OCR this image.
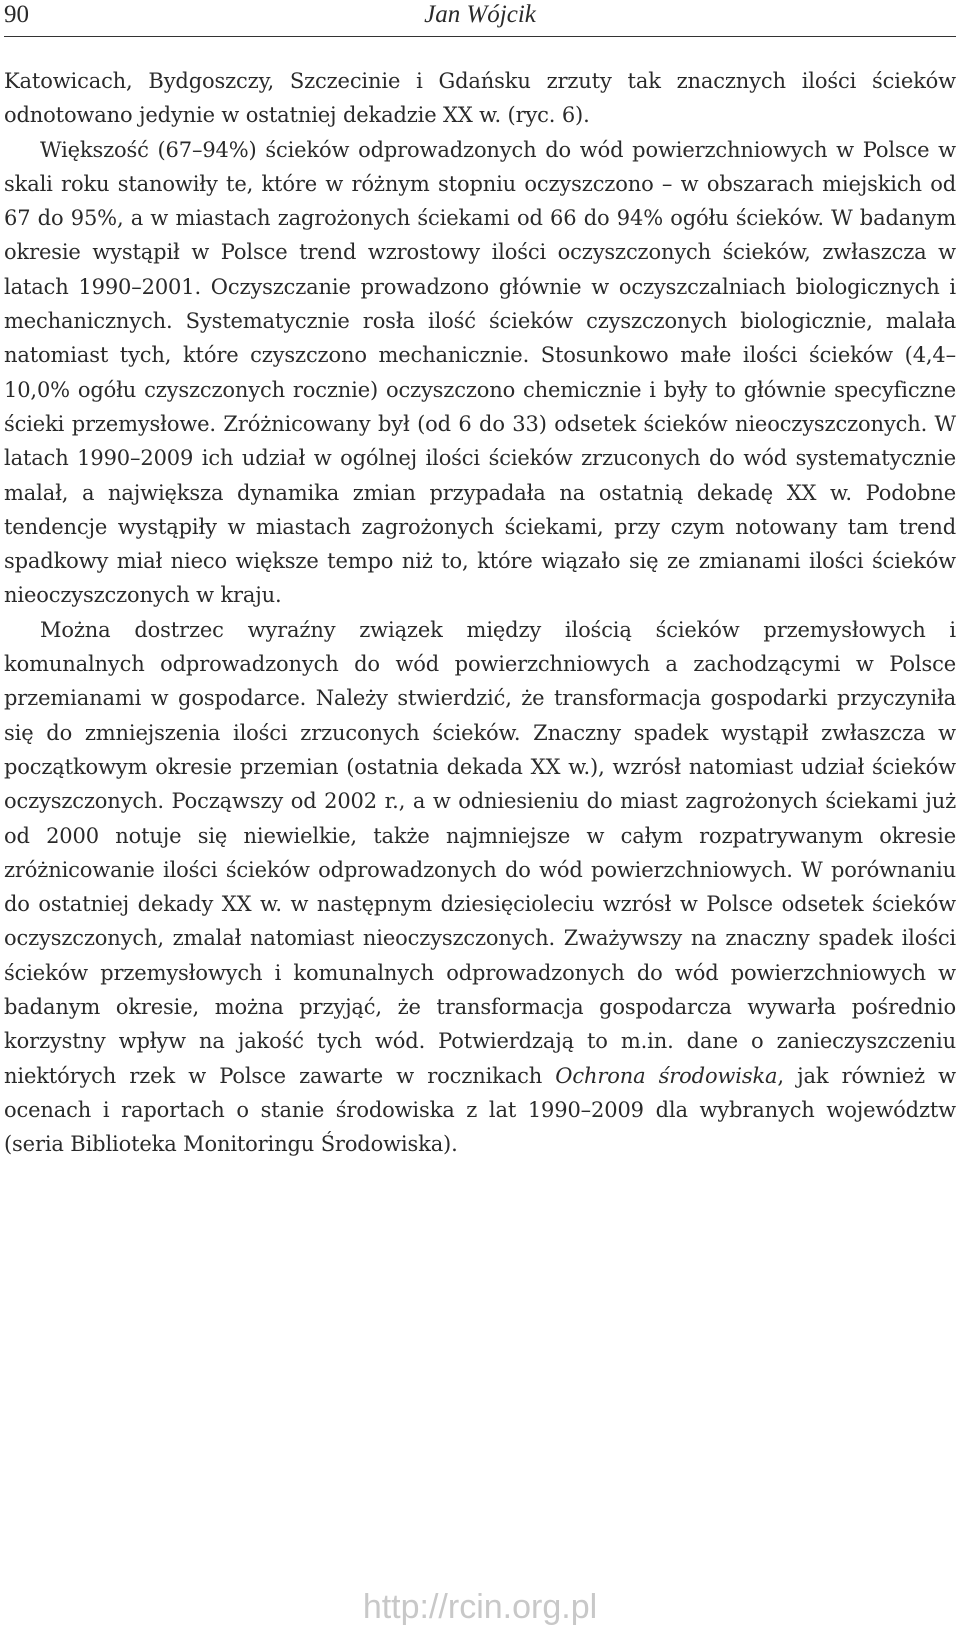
90	Jan Wójcik

Katowicach, Bydgoszczy, Szczecinie i Gdańsku zrzuty tak znacznych ilości ścieków odnotowano jedynie w ostatniej dekadzie XX w. (ryc. 6).

Większość (67–94%) ścieków odprowadzonych do wód powierzchniowych w Polsce w skali roku stanowiły te, które w różnym stopniu oczyszczono – w obszarach miejskich od 67 do 95%, a w miastach zagrożonych ściekami od 66 do 94% ogółu ścieków. W badanym okresie wystąpił w Polsce trend wzrostowy ilości oczyszczonych ścieków, zwłaszcza w latach 1990–2001. Oczyszczanie prowadzono głównie w oczyszczalniach biologicznych i mechanicznych. Systematycznie rosła ilość ścieków czyszczonych biologicznie, malała natomiast tych, które czyszczono mechanicznie. Stosunkowo małe ilości ścieków (4,4–10,0% ogółu czyszczonych rocznie) oczyszczono chemicznie i były to głównie specyficzne ścieki przemysłowe. Zróżnicowany był (od 6 do 33) odsetek ścieków nieoczyszczonych. W latach 1990–2009 ich udział w ogólnej ilości ścieków zrzuconych do wód systematycznie malał, a największa dynamika zmian przypadała na ostatnią dekadę XX w. Podobne tendencje wystąpiły w miastach zagrożonych ściekami, przy czym notowany tam trend spadkowy miał nieco większe tempo niż to, które wiązało się ze zmianami ilości ścieków nieoczyszczonych w kraju.

Można dostrzec wyraźny związek między ilością ścieków przemysłowych i komunalnych odprowadzonych do wód powierzchniowych a zachodzącymi w Polsce przemianami w gospodarce. Należy stwierdzić, że transformacja gospodarki przyczyniła się do zmniejszenia ilości zrzuconych ścieków. Znaczny spadek wystąpił zwłaszcza w początkowym okresie przemian (ostatnia dekada XX w.), wzrósł natomiast udział ścieków oczyszczonych. Począwszy od 2002 r., a w odniesieniu do miast zagrożonych ściekami już od 2000 notuje się niewielkie, także najmniejsze w całym rozpatrywanym okresie zróżnicowanie ilości ścieków odprowadzonych do wód powierzchniowych. W porównaniu do ostatniej dekady XX w. w następnym dziesięcioleciu wzrósł w Polsce odsetek ścieków oczyszczonych, zmalał natomiast nieoczyszczonych. Zważywszy na znaczny spadek ilości ścieków przemysłowych i komunalnych odprowadzonych do wód powierzchniowych w badanym okresie, można przyjąć, że transformacja gospodarcza wywarła pośrednio korzystny wpływ na jakość tych wód. Potwierdzają to m.in. dane o zanieczyszczeniu niektórych rzek w Polsce zawarte w rocznikach Ochrona środowiska, jak również w ocenach i raportach o stanie środowiska z lat 1990–2009 dla wybranych województw (seria Biblioteka Monitoringu Środowiska).

http://rcin.org.pl
